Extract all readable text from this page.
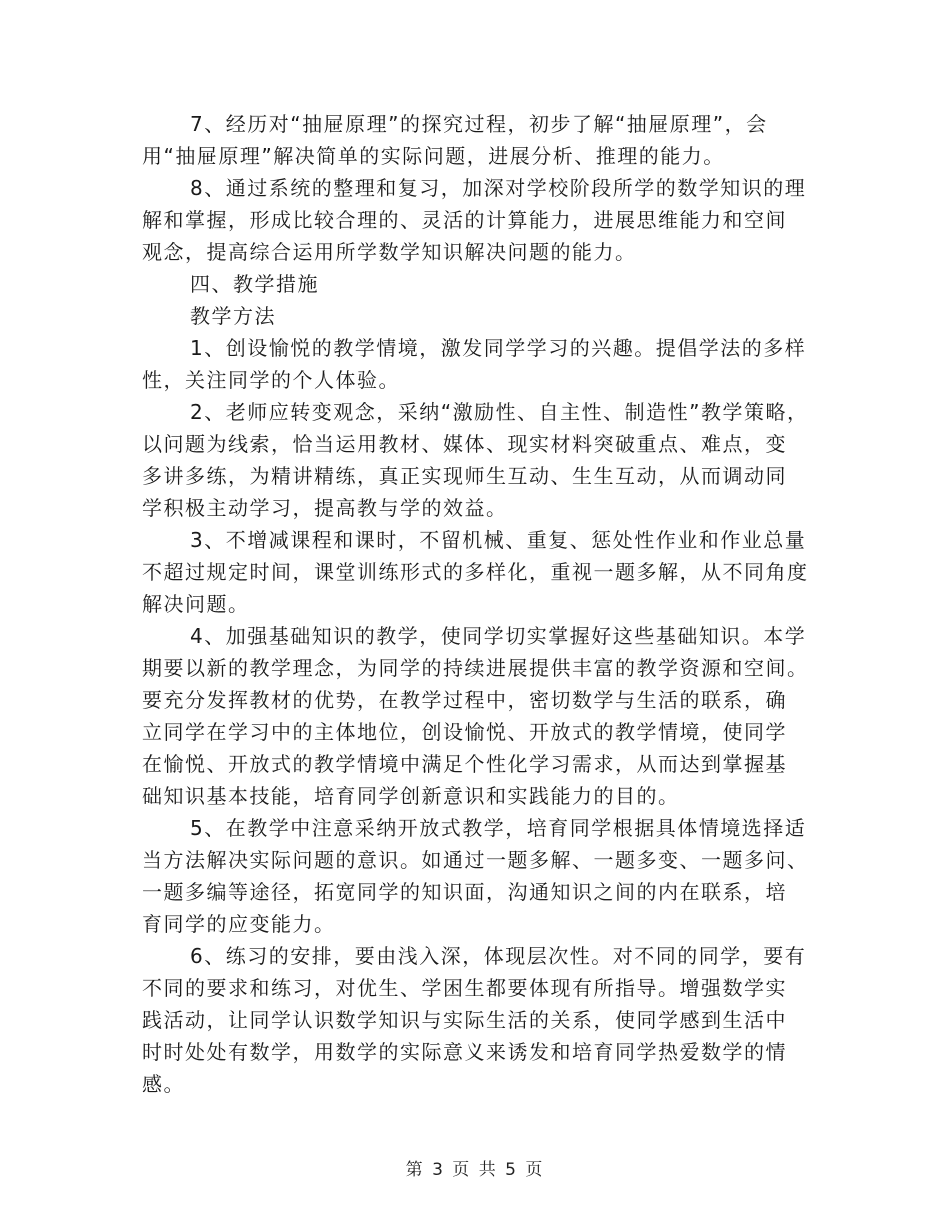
7、经历对“抽屉原理”的探究过程，初步了解“抽屉原理”，会
用“抽屉原理”解决简单的实际问题，进展分析、推理的能力。
8、通过系统的整理和复习，加深对学校阶段所学的数学知识的理
解和掌握，形成比较合理的、灵活的计算能力，进展思维能力和空间
观念，提高综合运用所学数学知识解决问题的能力。
四、教学措施
教学方法
1、创设愉悦的教学情境，激发同学学习的兴趣。提倡学法的多样
性，关注同学的个人体验。
2、老师应转变观念，采纳“激励性、自主性、制造性”教学策略，
以问题为线索，恰当运用教材、媒体、现实材料突破重点、难点，变
多讲多练，为精讲精练，真正实现师生互动、生生互动，从而调动同
学积极主动学习，提高教与学的效益。
3、不增减课程和课时，不留机械、重复、惩处性作业和作业总量
不超过规定时间，课堂训练形式的多样化，重视一题多解，从不同角度
解决问题。
4、加强基础知识的教学，使同学切实掌握好这些基础知识。本学
期要以新的教学理念，为同学的持续进展提供丰富的教学资源和空间。
要充分发挥教材的优势，在教学过程中，密切数学与生活的联系，确
立同学在学习中的主体地位，创设愉悦、开放式的教学情境，使同学
在愉悦、开放式的教学情境中满足个性化学习需求，从而达到掌握基
础知识基本技能，培育同学创新意识和实践能力的目的。
5、在教学中注意采纳开放式教学，培育同学根据具体情境选择适
当方法解决实际问题的意识。如通过一题多解、一题多变、一题多问、
一题多编等途径，拓宽同学的知识面，沟通知识之间的内在联系，培
育同学的应变能力。
6、练习的安排，要由浅入深，体现层次性。对不同的同学，要有
不同的要求和练习，对优生、学困生都要体现有所指导。增强数学实
践活动，让同学认识数学知识与实际生活的关系，使同学感到生活中
时时处处有数学，用数学的实际意义来诱发和培育同学热爱数学的情
感。
第 3 页 共 5 页
